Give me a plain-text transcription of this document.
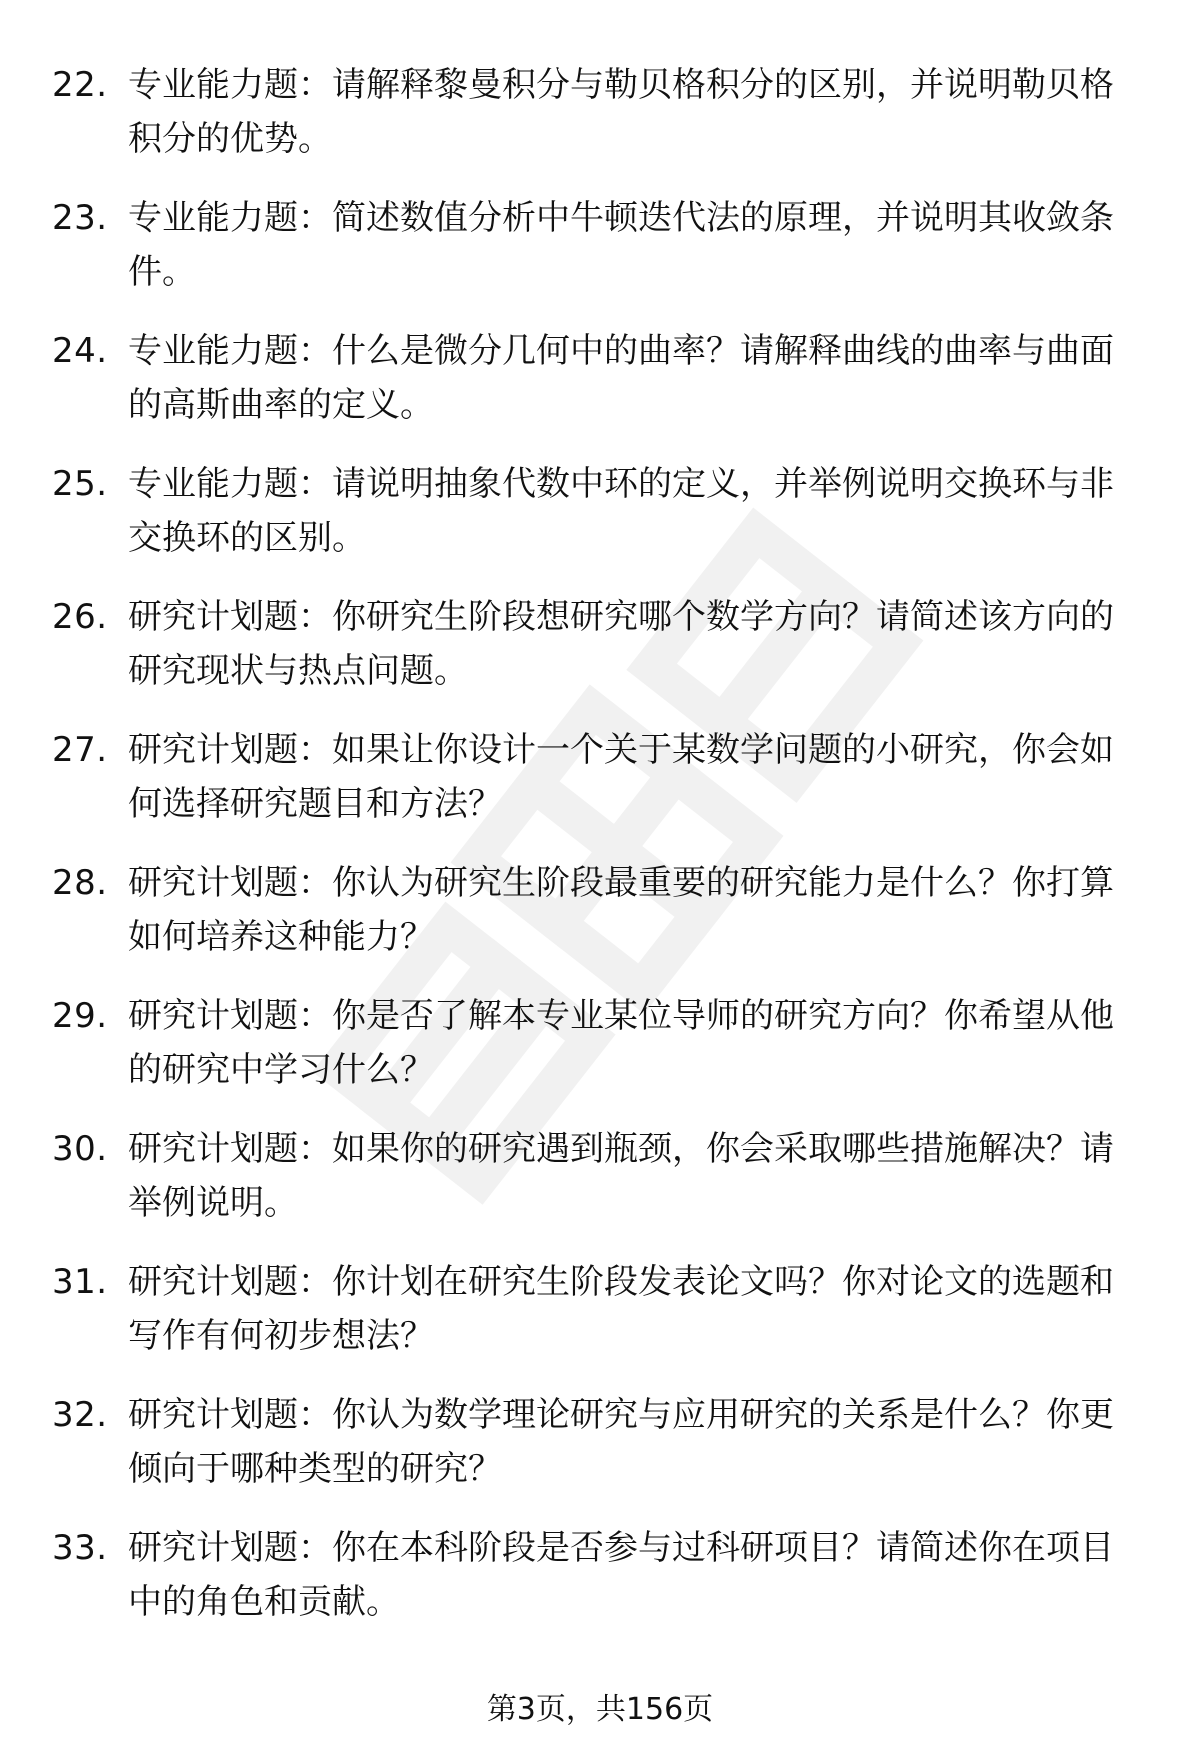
22. 专业能力题：请解释黎曼积分与勒贝格积分的区别，并说明勒贝格积分的优势。
23. 专业能力题：简述数值分析中牛顿迭代法的原理，并说明其收敛条件。
24. 专业能力题：什么是微分几何中的曲率？请解释曲线的曲率与曲面的高斯曲率的定义。
25. 专业能力题：请说明抽象代数中环的定义，并举例说明交换环与非交换环的区别。
26. 研究计划题：你研究生阶段想研究哪个数学方向？请简述该方向的研究现状与热点问题。
27. 研究计划题：如果让你设计一个关于某数学问题的小研究，你会如何选择研究题目和方法？
28. 研究计划题：你认为研究生阶段最重要的研究能力是什么？你打算如何培养这种能力？
29. 研究计划题：你是否了解本专业某位导师的研究方向？你希望从他的研究中学习什么？
30. 研究计划题：如果你的研究遇到瓶颈，你会采取哪些措施解决？请举例说明。
31. 研究计划题：你计划在研究生阶段发表论文吗？你对论文的选题和写作有何初步想法？
32. 研究计划题：你认为数学理论研究与应用研究的关系是什么？你更倾向于哪种类型的研究？
33. 研究计划题：你在本科阶段是否参与过科研项目？请简述你在项目中的角色和贡献。
第3页，共156页
